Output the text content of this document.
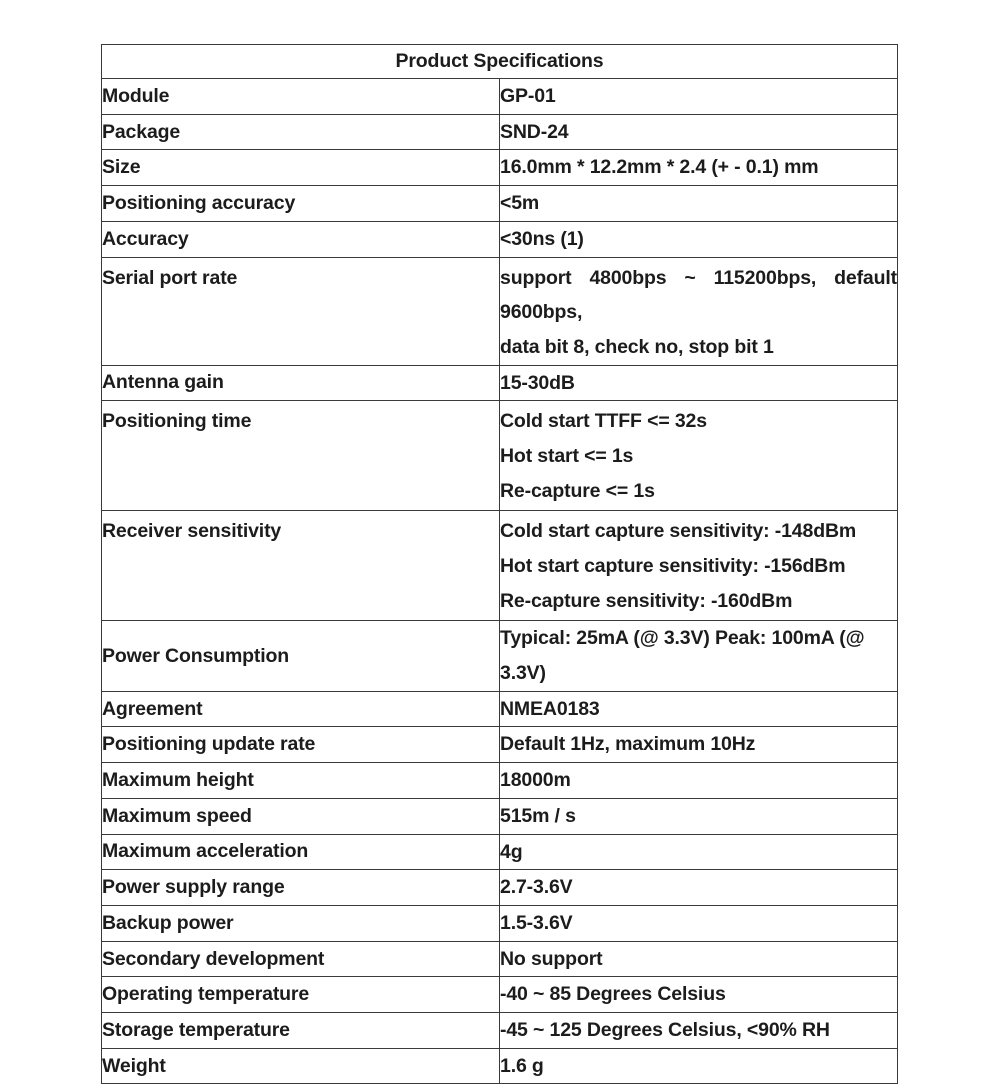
Product Specifications	
Module	GP-01

Package	SND-24

Size	16.0mm * 12.2mm * 2.4 (+ - 0.1) mm

Positioning accuracy	<5m

Accuracy	<30ns (1)

Serial port rate	support 4800bps ~ 115200bps, default 9600bps,
data bit 8, check no, stop bit 1

Antenna gain	15-30dB

Positioning time	Cold start TTFF <= 32s
Hot start <= 1s
Re-capture <= 1s

Receiver sensitivity	Cold start capture sensitivity: -148dBm
Hot start capture sensitivity: -156dBm
Re-capture sensitivity: -160dBm

Power Consumption	Typical: 25mA (@ 3.3V) Peak: 100mA (@ 3.3V)

Agreement	NMEA0183

Positioning update rate	Default 1Hz, maximum 10Hz

Maximum height	18000m

Maximum speed	515m / s

Maximum acceleration	4g

Power supply range	2.7-3.6V

Backup power	1.5-3.6V

Secondary development	No support

Operating temperature	-40 ~ 85 Degrees Celsius

Storage temperature	-45 ~ 125 Degrees Celsius, <90% RH

Weight	1.6 g
